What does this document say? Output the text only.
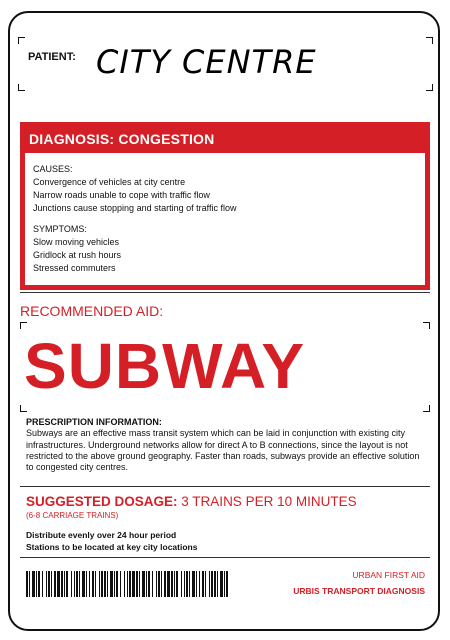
PATIENT: CITY CENTRE
DIAGNOSIS: CONGESTION
CAUSES:
Convergence of vehicles at city centre
Narrow roads unable to cope with traffic flow
Junctions cause stopping and starting of traffic flow
SYMPTOMS:
Slow moving vehicles
Gridlock at rush hours
Stressed commuters
RECOMMENDED AID:
SUBWAY
PRESCRIPTION INFORMATION:
Subways are an effective mass transit system which can be laid in conjunction with existing city
infrastructures. Underground networks allow for direct A to B connections, since the layout is not
restricted to the above ground geography. Faster than roads, subways provide an effective solution
to congested city centres.
SUGGESTED DOSAGE: 3 TRAINS PER 10 MINUTES
(6-8 CARRIAGE TRAINS)
Distribute evenly over 24 hour period
Stations to be located at key city locations
URBAN FIRST AID
URBIS TRANSPORT DIAGNOSIS
